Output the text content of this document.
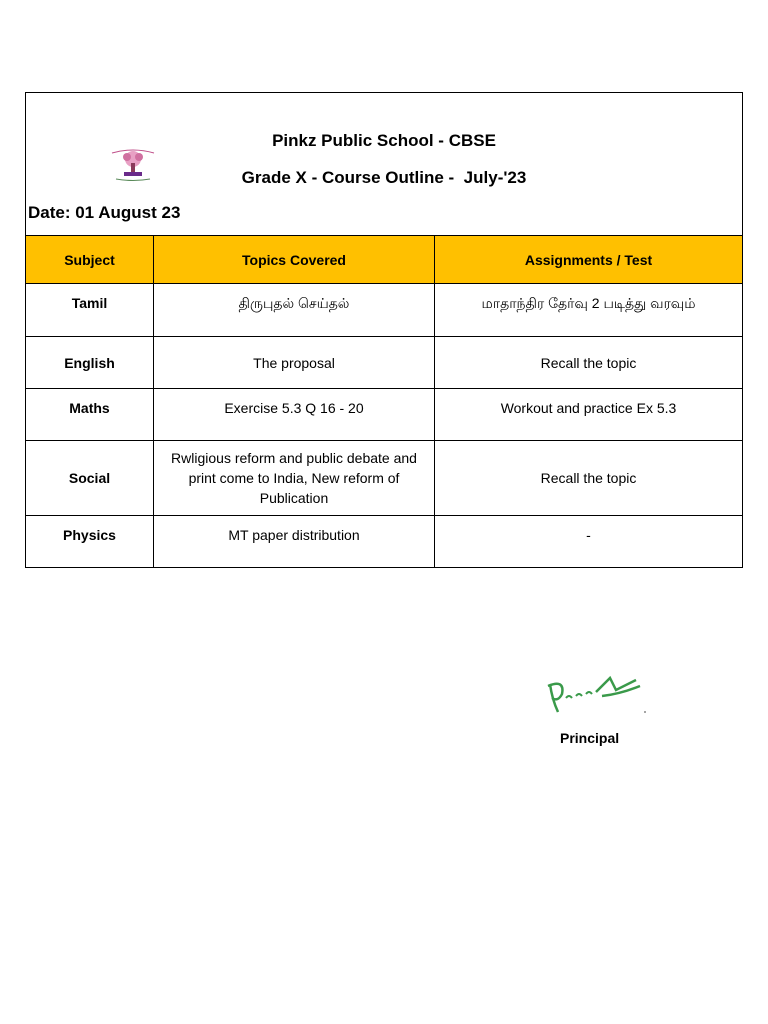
Pinkz Public School - CBSE
Grade X - Course Outline -  July-'23
Date: 01 August 23
Subject	Topics Covered	Assignments / Test
Tamil	திருபுதல் செய்தல்	மாதாந்திர தேர்வு 2 படித்து வரவும்
English	The proposal	Recall the topic
Maths	Exercise 5.3 Q 16 - 20	Workout and practice Ex 5.3
Social	Rwligious reform and public debate and print come to India, New reform of Publication	Recall the topic
Physics	MT paper distribution	-
Principal
